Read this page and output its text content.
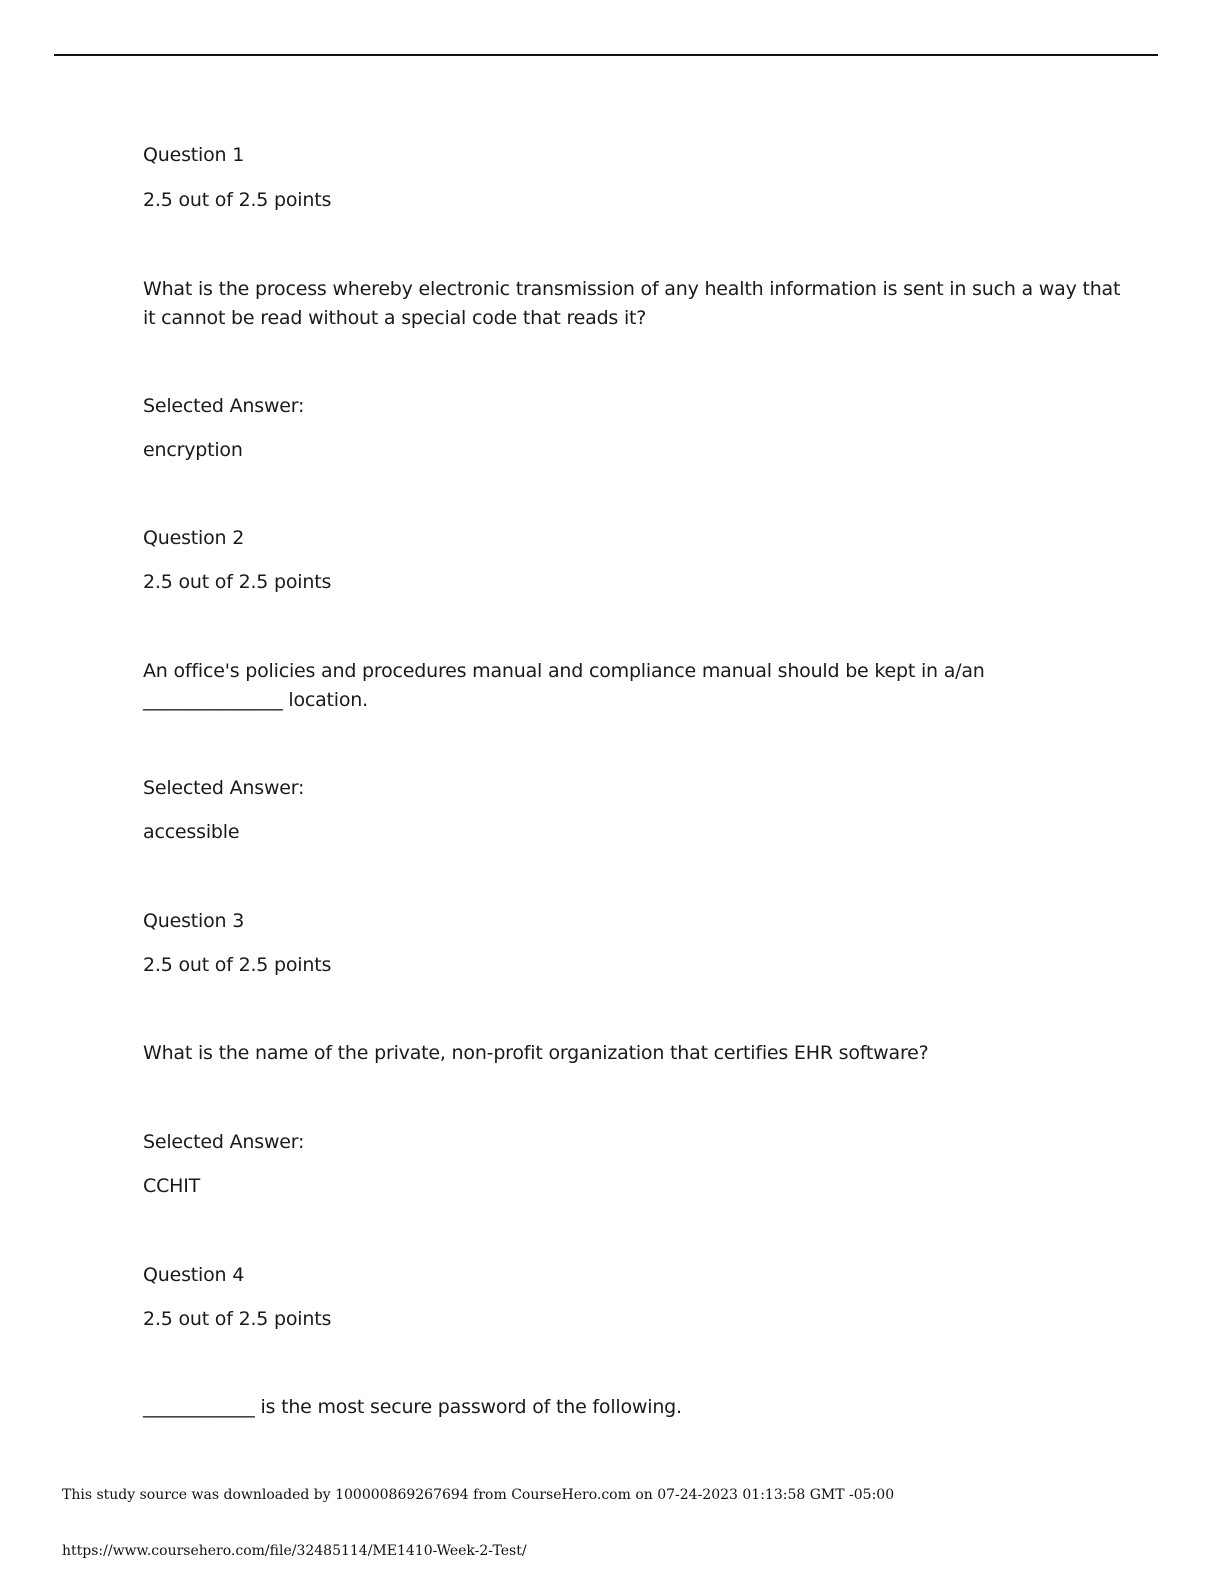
Question 1
2.5 out of 2.5 points
What is the process whereby electronic transmission of any health information is sent in such a way that
it cannot be read without a special code that reads it?
Selected Answer:
encryption
Question 2
2.5 out of 2.5 points
An office's policies and procedures manual and compliance manual should be kept in a/an
_______________ location.
Selected Answer:
accessible
Question 3
2.5 out of 2.5 points
What is the name of the private, non-profit organization that certifies EHR software?
Selected Answer:
CCHIT
Question 4
2.5 out of 2.5 points
____________ is the most secure password of the following.
This study source was downloaded by 100000869267694 from CourseHero.com on 07-24-2023 01:13:58 GMT -05:00
https://www.coursehero.com/file/32485114/ME1410-Week-2-Test/
